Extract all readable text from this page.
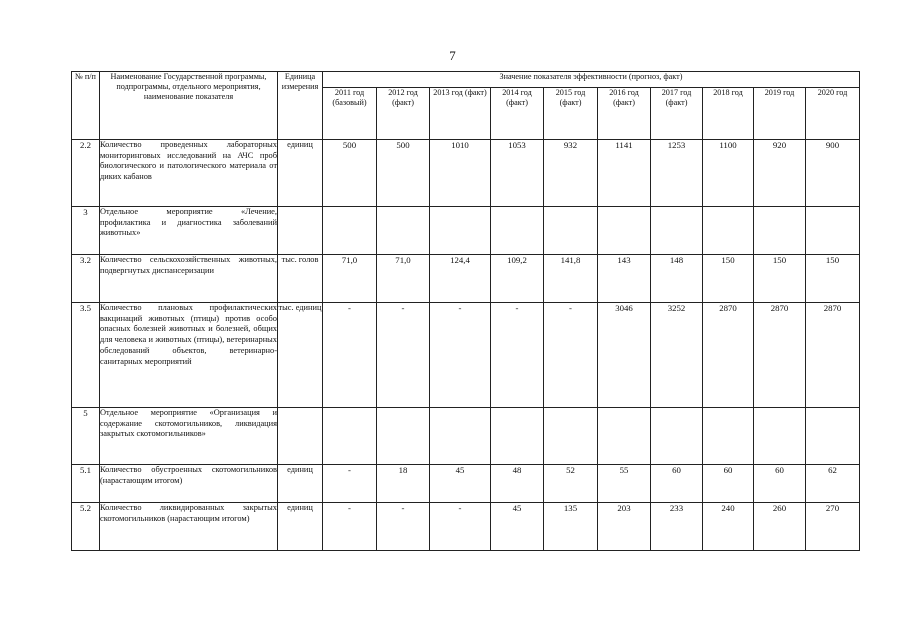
7
№ п/п	Наименование Государственной программы, подпрограммы, отдельного мероприятия, наименование показателя	Единица измерения	Значение показателя эффективности (прогноз, факт)									
			2011 год (базовый)	2012 год (факт)	2013 год (факт)	2014 год (факт)	2015 год (факт)	2016 год (факт)	2017 год (факт)	2018 год	2019 год	2020 год
2.2	Количество проведенных лабораторных мониторинговых исследований на АЧС проб биологического и патологического материала от диких кабанов	единиц	500	500	1010	1053	932	1141	1253	1100	920	900
3	Отдельное мероприятие «Лечение, профилактика и диагностика заболеваний животных»											
3.2	Количество сельскохозяйственных животных, подвергнутых диспансеризации	тыс. голов	71,0	71,0	124,4	109,2	141,8	143	148	150	150	150
3.5	Количество плановых профилактических вакцинаций животных (птицы) против особо опасных болезней животных и болезней, общих для человека и животных (птицы), ветеринарных обследований объектов, ветеринарно-санитарных мероприятий	тыс. единиц	-	-	-	-	-	3046	3252	2870	2870	2870
5	Отдельное мероприятие «Организация и содержание скотомогильников, ликвидация закрытых скотомогильников»											
5.1	Количество обустроенных скотомогильников (нарастающим итогом)	единиц	-	18	45	48	52	55	60	60	60	62
5.2	Количество ликвидированных закрытых скотомогильников (нарастающим итогом)	единиц	-	-	-	45	135	203	233	240	260	270
